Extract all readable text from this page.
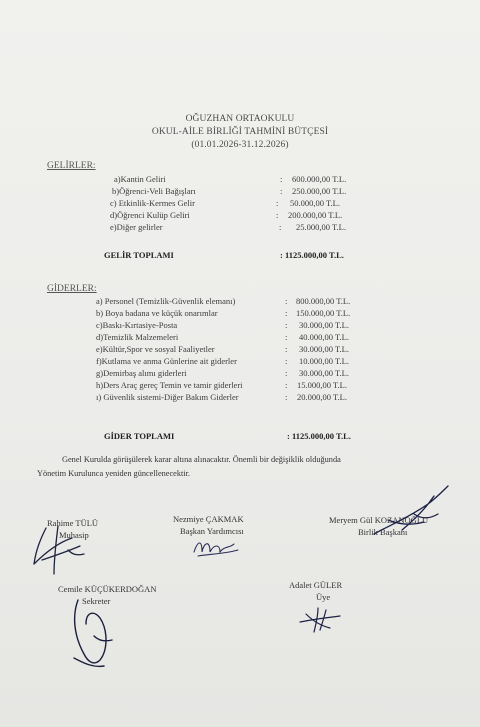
OĞUZHAN ORTAOKULU
OKUL-AİLE BİRLİĞİ TAHMİNİ BÜTÇESİ
(01.01.2026-31.12.2026)
GELİRLER:
a)Kantin Geliri	: 600.000,00 T.L.
b)Öğrenci-Veli Bağışları	: 250.000,00 T.L.
c) Etkinlik-Kermes Gelir	: 50.000,00 T.L.
d)Öğrenci Kulüp Geliri	: 200.000,00 T.L.
e)Diğer gelirler	: 25.000,00 T.L.
GELİR TOPLAMI	: 1125.000,00 T.L.
GİDERLER:
a) Personel (Temizlik-Güvenlik elemanı)	: 800.000,00 T.L.
b) Boya badana ve küçük onarımlar	: 150.000,00 T.L.
c)Baskı-Kırtasiye-Posta	: 30.000,00 T.L.
d)Temizlik Malzemeleri	: 40.000,00 T.L.
e)Kültür,Spor ve sosyal Faaliyetler	: 30.000,00 T.L.
f)Kutlama ve anma Günlerine ait giderler	: 10.000,00 T.L.
g)Demirbaş alımı giderleri	: 30.000,00 T.L.
h)Ders Araç gereç Temin ve tamir giderleri	: 15.000,00 T.L.
ı) Güvenlik sistemi-Diğer Bakım Giderler	: 20.000,00 T.L.
GİDER TOPLAMI	: 1125.000,00 T.L.
Genel Kurulda görüşülerek karar altına alınacaktır. Önemli bir değişiklik olduğunda
Yönetim Kurulunca yeniden güncellenecektir.
Rahime TÜLÜ
Muhasip
Nezmiye ÇAKMAK
Başkan Yardımcısı
Meryem Gül KOZANOĞLU
Birlik Başkanı
Cemile KÜÇÜKERDOĞAN
Sekreter
Adalet GÜLER
Üye
